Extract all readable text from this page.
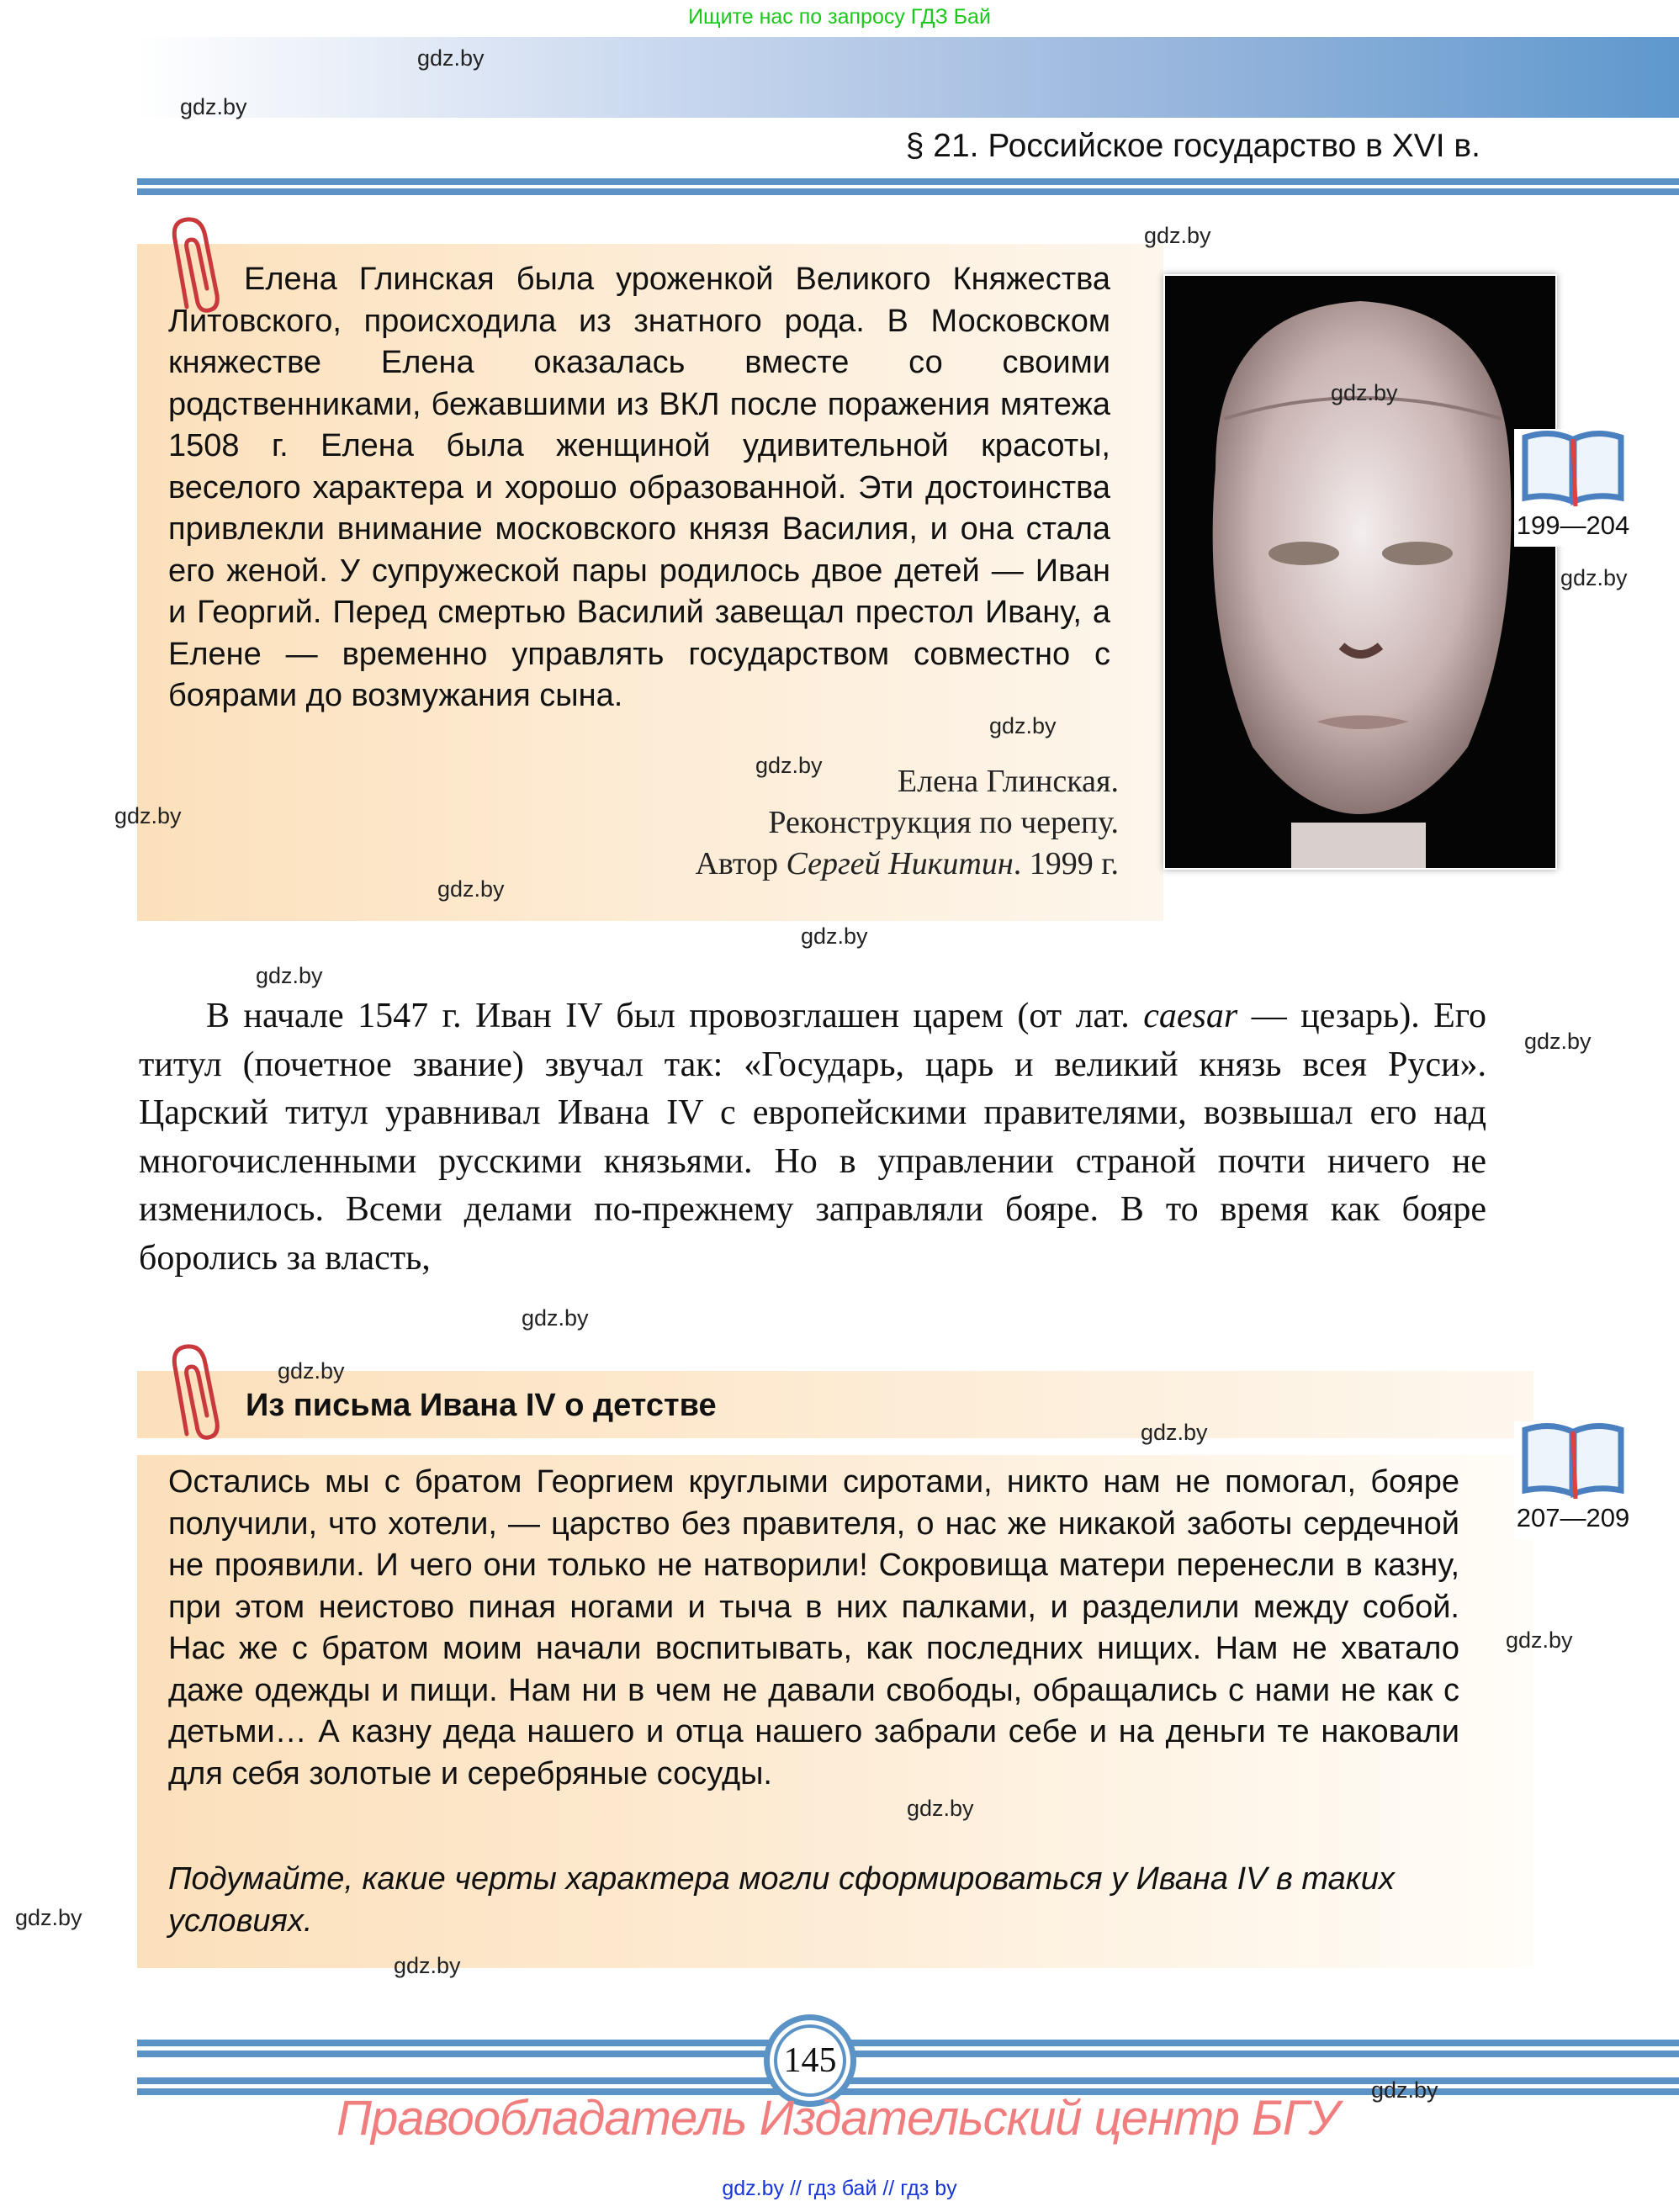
Ищите нас по запросу ГДЗ Бай
gdz.by
gdz.by
§ 21. Российское государство в XVI в.
Елена Глинская была уроженкой Великого Княжества Литовского, происходила из знатного рода. В Московском княжестве Елена оказалась вместе со своими родственниками, бежавшими из ВКЛ после поражения мятежа 1508 г. Елена была женщиной удивительной красоты, веселого характера и хорошо образованной. Эти достоинства привлекли внимание московского князя Василия, и она стала его женой. У супружеской пары родилось двое детей — Иван и Георгий. Перед смертью Василий завещал престол Ивану, а Елене — временно управлять государством совместно с боярами до возмужания сына.
Елена Глинская.
Реконструкция по черепу.
Автор Сергей Никитин. 1999 г.
gdz.by
199—204
gdz.by
gdz.by
gdz.by
gdz.by
gdz.by
gdz.by
gdz.by
gdz.by

В начале 1547 г. Иван IV был провозглашен царем (от лат. caesar — цезарь). Его титул (почетное звание) звучал так: «Государь, царь и великий князь всея Руси». Царский титул уравнивал Ивана IV с европейскими правителями, возвышал его над многочисленными русскими князьями. Но в управлении страной почти ничего не изменилось. Всеми делами по-прежнему заправляли бояре. В то время как бояре боролись за власть,

gdz.by
gdz.by
gdz.by
Из письма Ивана IV о детстве
gdz.by
Остались мы с братом Георгием круглыми сиротами, никто нам не помогал, бояре получили, что хотели, — царство без правителя, о нас же никакой заботы сердечной не проявили. И чего они только не натворили! Сокровища матери перенесли в казну, при этом неистово пиная ногами и тыча в них палками, и разделили между собой. Нас же с братом моим начали воспитывать, как последних нищих. Нам не хватало даже одежды и пищи. Нам ни в чем не давали свободы, обращались с нами не как с детьми… А казну деда нашего и отца нашего забрали себе и на деньги те наковали для себя золотые и серебряные сосуды.
gdz.by
Подумайте, какие черты характера могли сформироваться у Ивана IV в таких условиях.
207—209
gdz.by
gdz.by
gdz.by
145
gdz.by
Правообладатель Издательский центр БГУ
gdz.by // гдз бай // гдз by
